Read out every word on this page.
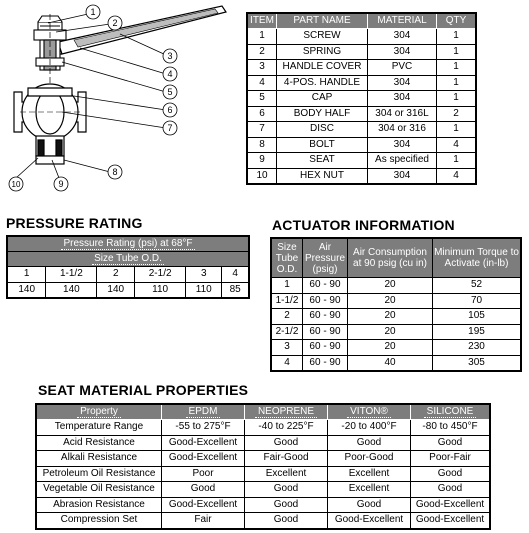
1
2
3
4
5
6
7
8
9
10
ITEM	PART NAME	MATERIAL	QTY
1	SCREW	304	1
2	SPRING	304	1
3	HANDLE COVER	PVC	1
4	4-POS. HANDLE	304	1
5	CAP	304	1
6	BODY HALF	304 or 316L	2
7	DISC	304 or 316	1
8	BOLT	304	4
9	SEAT	As specified	1
10	HEX NUT	304	4
PRESSURE RATING
Pressure Rating (psi) at 68°F					
Size Tube O.D.					
1	1-1/2	2	2-1/2	3	4
140	140	140	110	110	85
ACTUATOR INFORMATION
Size Tube O.D.	Air Pressure (psig)	Air Consumption at 90 psig (cu in)	Minimum Torque to Activate (in-lb)
1	60 - 90	20	52
1-1/2	60 - 90	20	70
2	60 - 90	20	105
2-1/2	60 - 90	20	195
3	60 - 90	20	230
4	60 - 90	40	305
SEAT MATERIAL PROPERTIES
Property	EPDM	NEOPRENE	VITON®	SILICONE
Temperature Range	-55 to 275°F	-40 to 225°F	-20 to 400°F	-80 to 450°F
Acid Resistance	Good-Excellent	Good	Good	Good
Alkali Resistance	Good-Excellent	Fair-Good	Poor-Good	Poor-Fair
Petroleum Oil Resistance	Poor	Excellent	Excellent	Good
Vegetable Oil Resistance	Good	Good	Excellent	Good
Abrasion Resistance	Good-Excellent	Good	Good	Good-Excellent
Compression Set	Fair	Good	Good-Excellent	Good-Excellent
